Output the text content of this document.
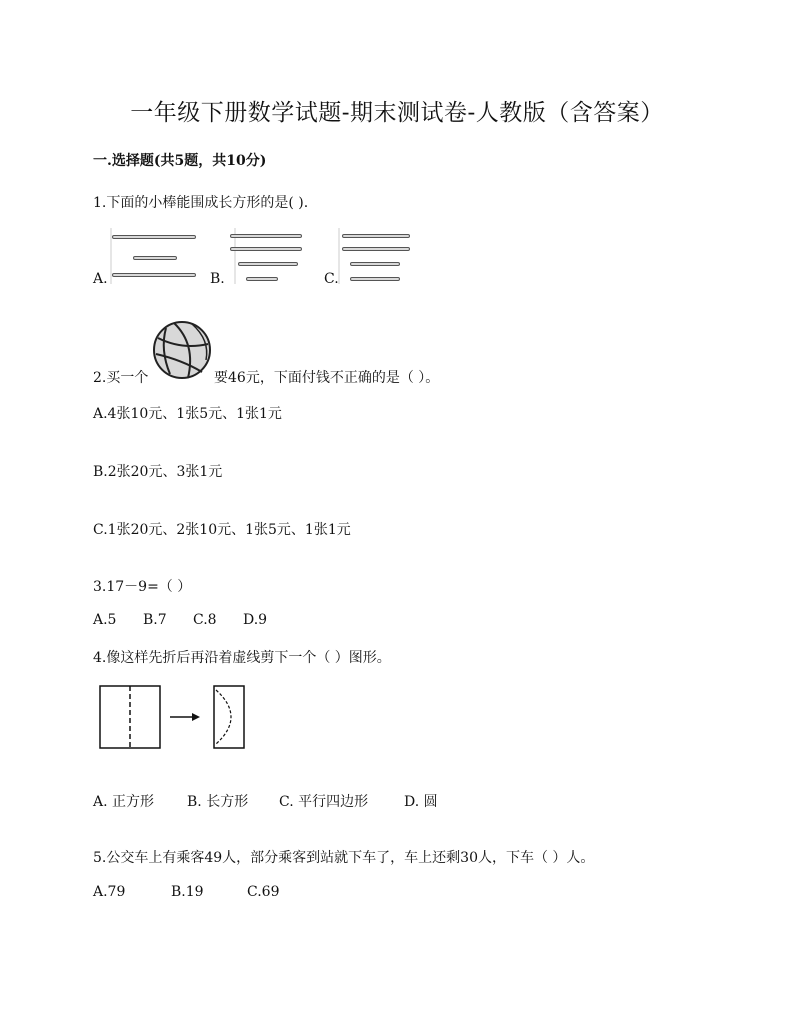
一年级下册数学试题-期末测试卷-人教版（含答案）
一.选择题(共5题，共10分)
1.下面的小棒能围成长方形的是( ).
A.	B.	C.
2.买一个	要46元，下面付钱不正确的是（ ）。
A.4张10元、1张5元、1张1元
B.2张20元、3张1元
C.1张20元、2张10元、1张5元、1张1元
3.17－9=（ ）
A.5 B.7 C.8 D.9
4.像这样先折后再沿着虚线剪下一个（ ）图形。
A. 正方形 B. 长方形 C. 平行四边形	D. 圆
5.公交车上有乘客49人，部分乘客到站就下车了，车上还剩30人，下车（ ）人。
A.79	B.19	C.69
